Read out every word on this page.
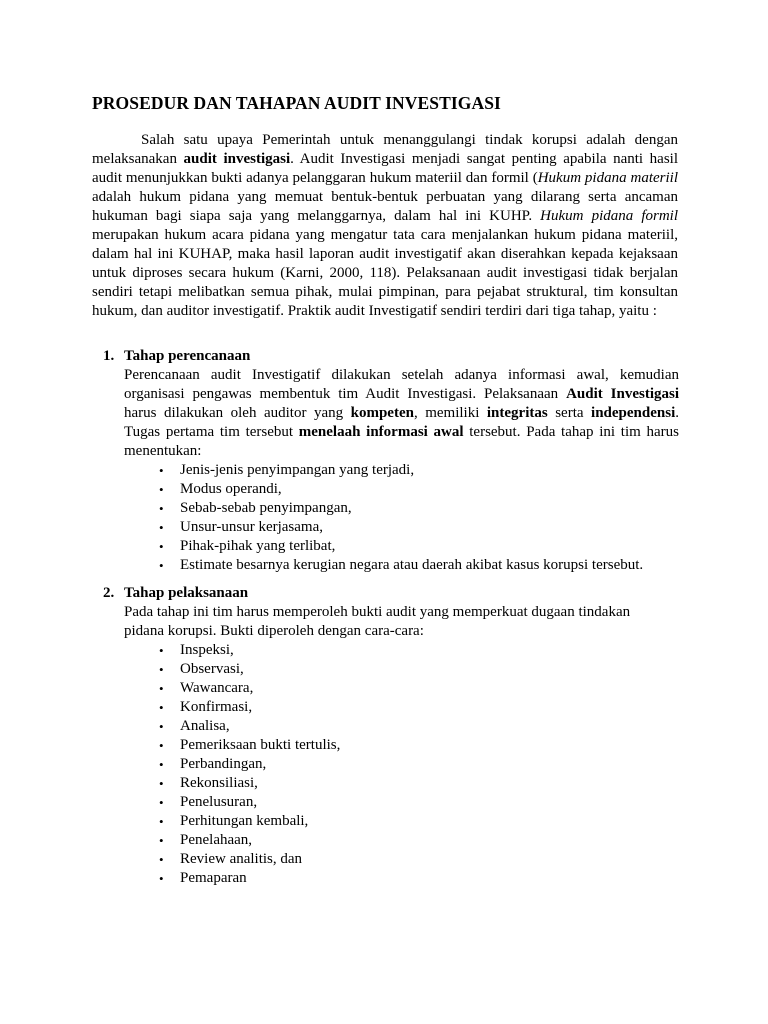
PROSEDUR DAN TAHAPAN AUDIT INVESTIGASI

Salah satu upaya Pemerintah untuk menanggulangi tindak korupsi adalah dengan melaksanakan audit investigasi. Audit Investigasi menjadi sangat penting apabila nanti hasil audit menunjukkan bukti adanya pelanggaran hukum materiil dan formil (Hukum pidana materiil adalah hukum pidana yang memuat bentuk-bentuk perbuatan yang dilarang serta ancaman hukuman bagi siapa saja yang melanggarnya, dalam hal ini KUHP. Hukum pidana formil merupakan hukum acara pidana yang mengatur tata cara menjalankan hukum pidana materiil, dalam hal ini KUHAP, maka hasil laporan audit investigatif akan diserahkan kepada kejaksaan untuk diproses secara hukum (Karni, 2000, 118). Pelaksanaan audit investigasi tidak berjalan sendiri tetapi melibatkan semua pihak, mulai pimpinan, para pejabat struktural, tim konsultan hukum, dan auditor investigatif. Praktik audit Investigatif sendiri terdiri dari tiga tahap, yaitu :

1. Tahap perencanaan

Perencanaan audit Investigatif dilakukan setelah adanya informasi awal, kemudian organisasi pengawas membentuk tim Audit Investigasi. Pelaksanaan Audit Investigasi harus dilakukan oleh auditor yang kompeten, memiliki integritas serta independensi. Tugas pertama tim tersebut menelaah informasi awal tersebut. Pada tahap ini tim harus menentukan:

• Jenis-jenis penyimpangan yang terjadi,
• Modus operandi,
• Sebab-sebab penyimpangan,
• Unsur-unsur kerjasama,
• Pihak-pihak yang terlibat,
• Estimate besarnya kerugian negara atau daerah akibat kasus korupsi tersebut.
2. Tahap pelaksanaan

Pada tahap ini tim harus memperoleh bukti audit yang memperkuat dugaan tindakan pidana korupsi. Bukti diperoleh dengan cara-cara:

• Inspeksi,
• Observasi,
• Wawancara,
• Konfirmasi,
• Analisa,
• Pemeriksaan bukti tertulis,
• Perbandingan,
• Rekonsiliasi,
• Penelusuran,
• Perhitungan kembali,
• Penelahaan,
• Review analitis, dan
• Pemaparan
